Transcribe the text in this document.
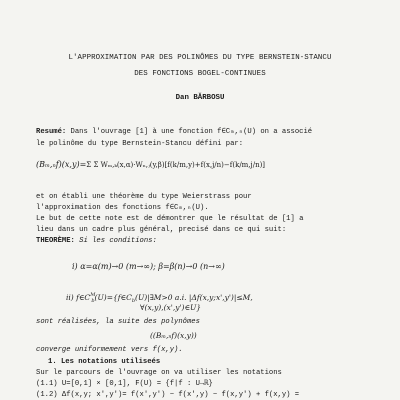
L'APPROXIMATION PAR DES POLINÔMES DU TYPE BERNSTEIN-STANCU
DES FONCTIONS BOGEL-CONTINUES
Dan BĂRBOSU
Resumé: Dans l'ouvrage [1] à une fonction f∈Cₘ,ₙ(U) on a associé
le polinôme du type Bernstein-Stancu défini par:
(Bₘ,ₙf)(x,y)=Σ Σ Wₘ,ₖ(x,α)·Wₙ,ⱼ(y,β)[f(k/m,y)+f(x,j/n)−f(k/m,j/n)]
et on établi une théorème du type Weierstrass pour
l'approximation des fonctions f∈Cₘ,ₙ(U).
Le but de cette note est de démontrer que le résultat de [1] a
lieu dans un cadre plus général, precisé dans ce qui suit:
THEORÈME: Si les conditions:
i) α=α(m)→0 (m→∞); β=β(n)→0 (n→∞)
ii) $f\in C^M_b(U)=\{f\in C_b(U)|\exists M>0$ a.i. |Δf(x,y;x',y')|≤M,
∀(x,y),(x',y')∈U}
sont réalisées, la suite des polynômes
((Bₘ,ₙf)(x,y))
converge uniformement vers f(x,y).
1. Les notations utiliseés
Sur le parcours de l'ouvrage on va utiliser les notations
(1.1) U=[0,1] × [0,1], F(U) = {f|f : U→ℝ}
(1.2) Δf(x,y; x',y')= f(x',y') − f(x',y) − f(x,y') + f(x,y) =
